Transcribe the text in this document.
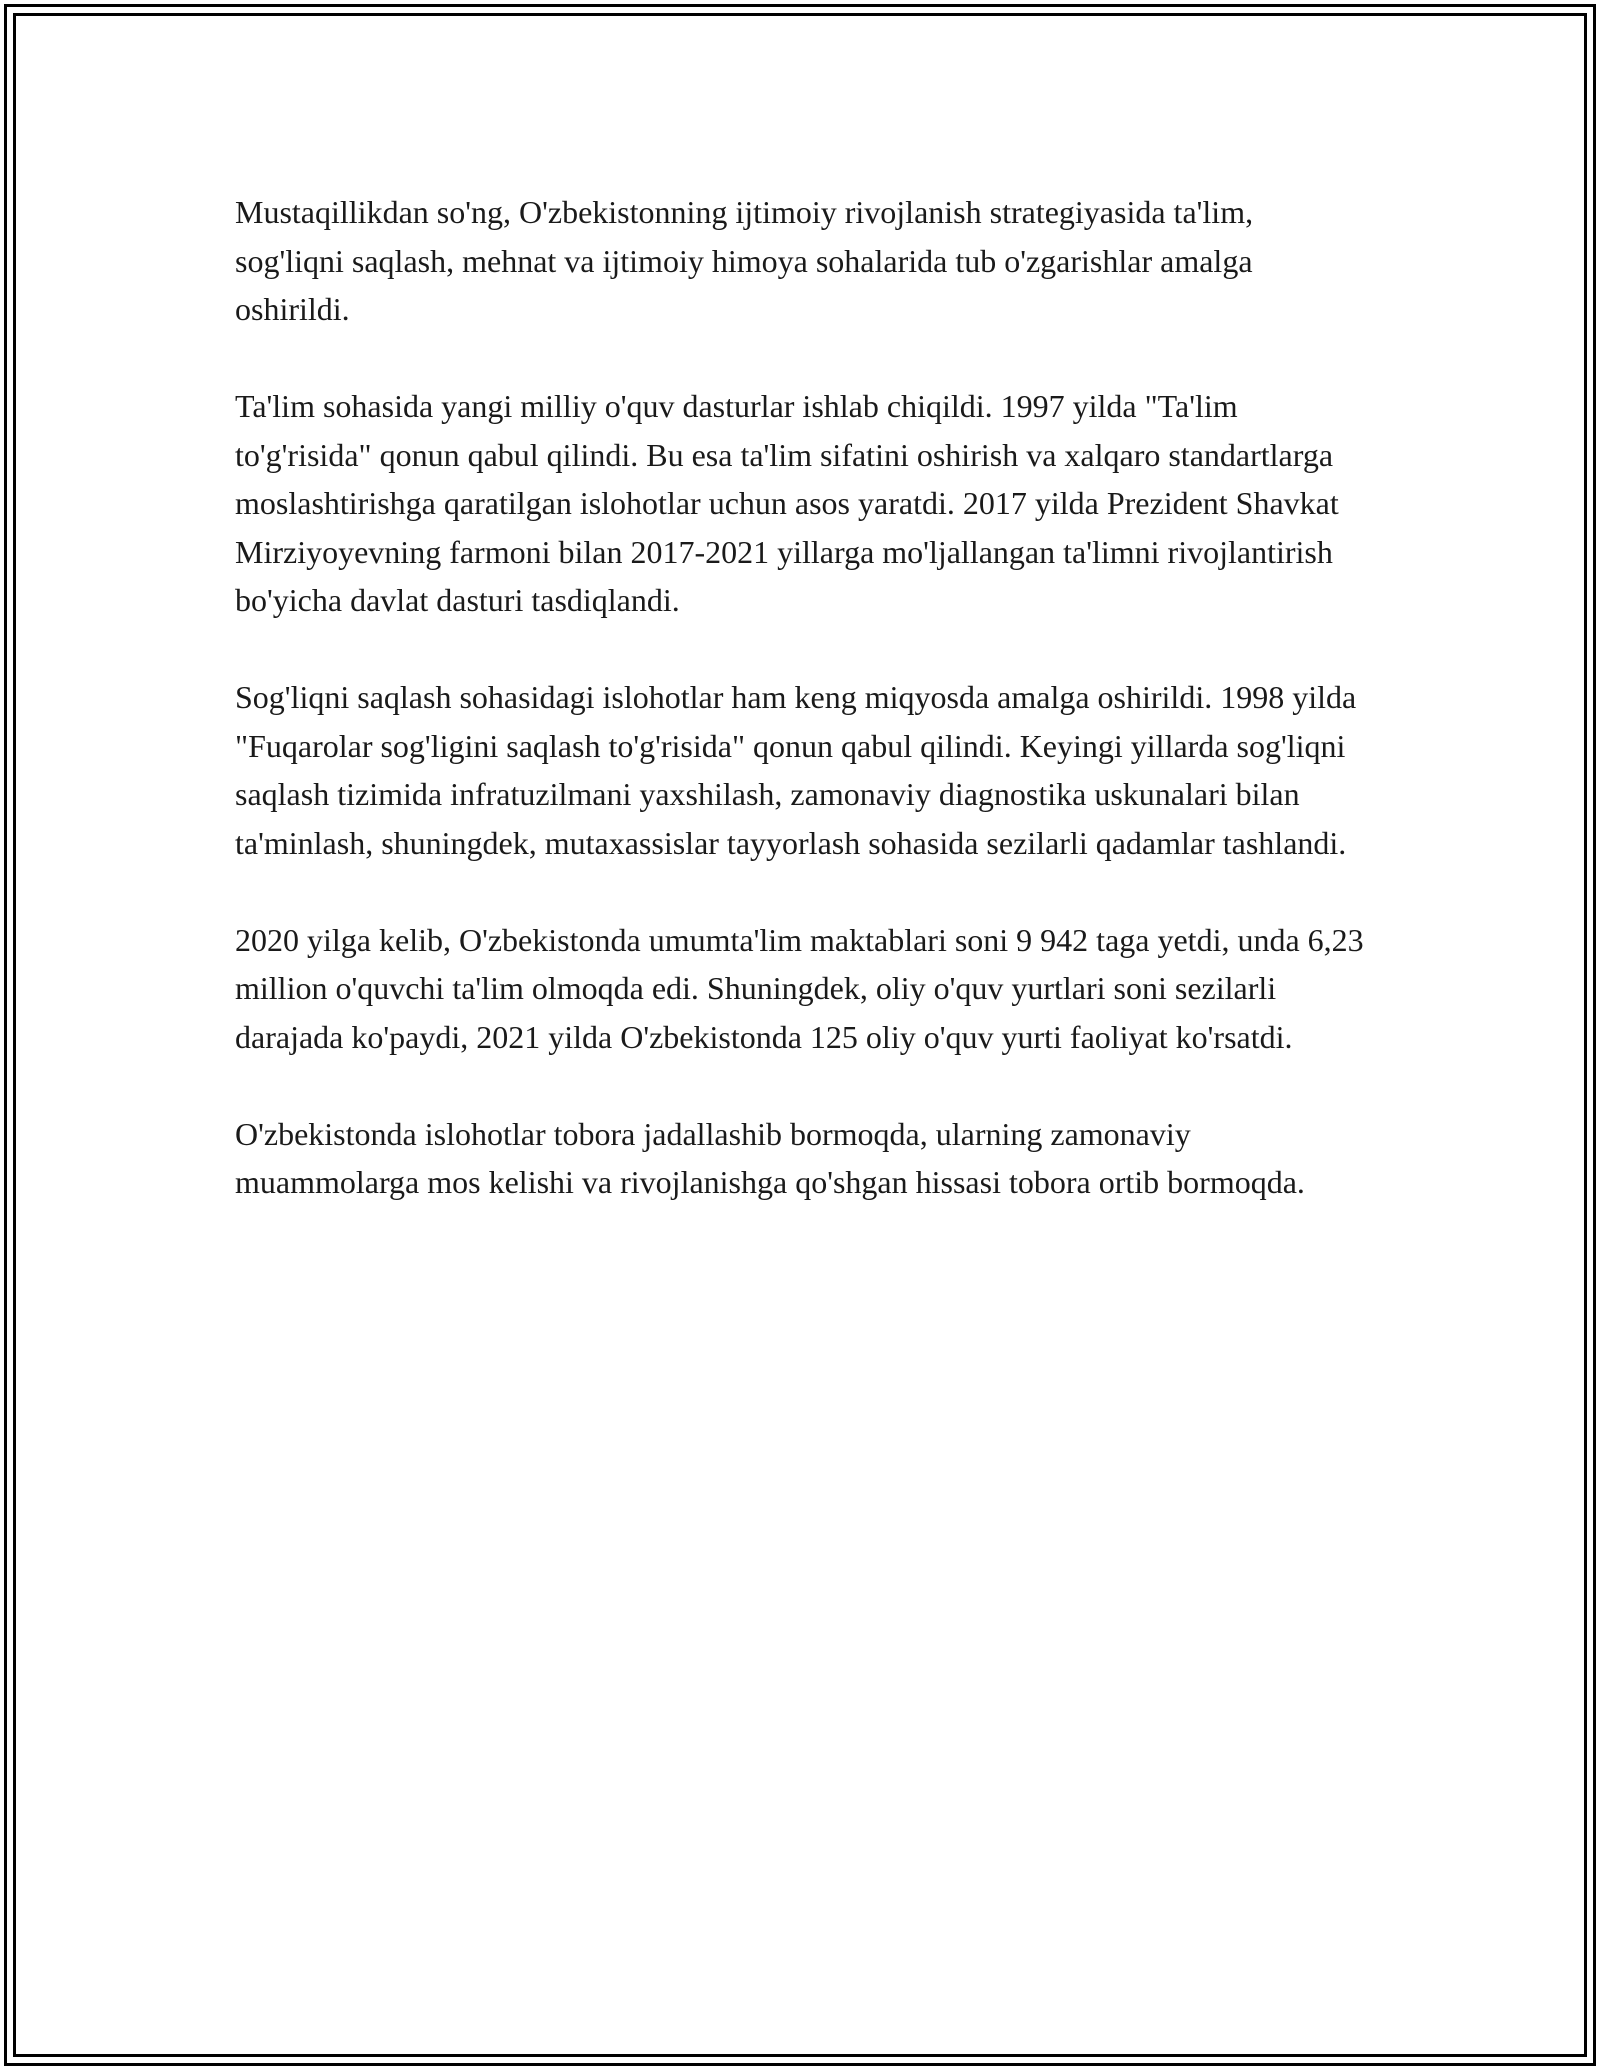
Mustaqillikdan so'ng, O'zbekistonning ijtimoiy rivojlanish strategiyasida ta'lim, sog'liqni saqlash, mehnat va ijtimoiy himoya sohalarida tub o'zgarishlar amalga oshirildi.

Ta'lim sohasida yangi milliy o'quv dasturlar ishlab chiqildi. 1997 yilda "Ta'lim to'g'risida" qonun qabul qilindi. Bu esa ta'lim sifatini oshirish va xalqaro standartlarga moslashtirishga qaratilgan islohotlar uchun asos yaratdi. 2017 yilda Prezident Shavkat Mirziyoyevning farmoni bilan 2017-2021 yillarga mo'ljallangan ta'limni rivojlantirish bo'yicha davlat dasturi tasdiqlandi.

Sog'liqni saqlash sohasidagi islohotlar ham keng miqyosda amalga oshirildi. 1998 yilda "Fuqarolar sog'ligini saqlash to'g'risida" qonun qabul qilindi. Keyingi yillarda sog'liqni saqlash tizimida infratuzilmani yaxshilash, zamonaviy diagnostika uskunalari bilan ta'minlash, shuningdek, mutaxassislar tayyorlash sohasida sezilarli qadamlar tashlandi.

2020 yilga kelib, O'zbekistonda umumta'lim maktablari soni 9 942 taga yetdi, unda 6,23 million o'quvchi ta'lim olmoqda edi. Shuningdek, oliy o'quv yurtlari soni sezilarli darajada ko'paydi, 2021 yilda O'zbekistonda 125 oliy o'quv yurti faoliyat ko'rsatdi.

O'zbekistonda islohotlar tobora jadallashib bormoqda, ularning zamonaviy muammolarga mos kelishi va rivojlanishga qo'shgan hissasi tobora ortib bormoqda.
